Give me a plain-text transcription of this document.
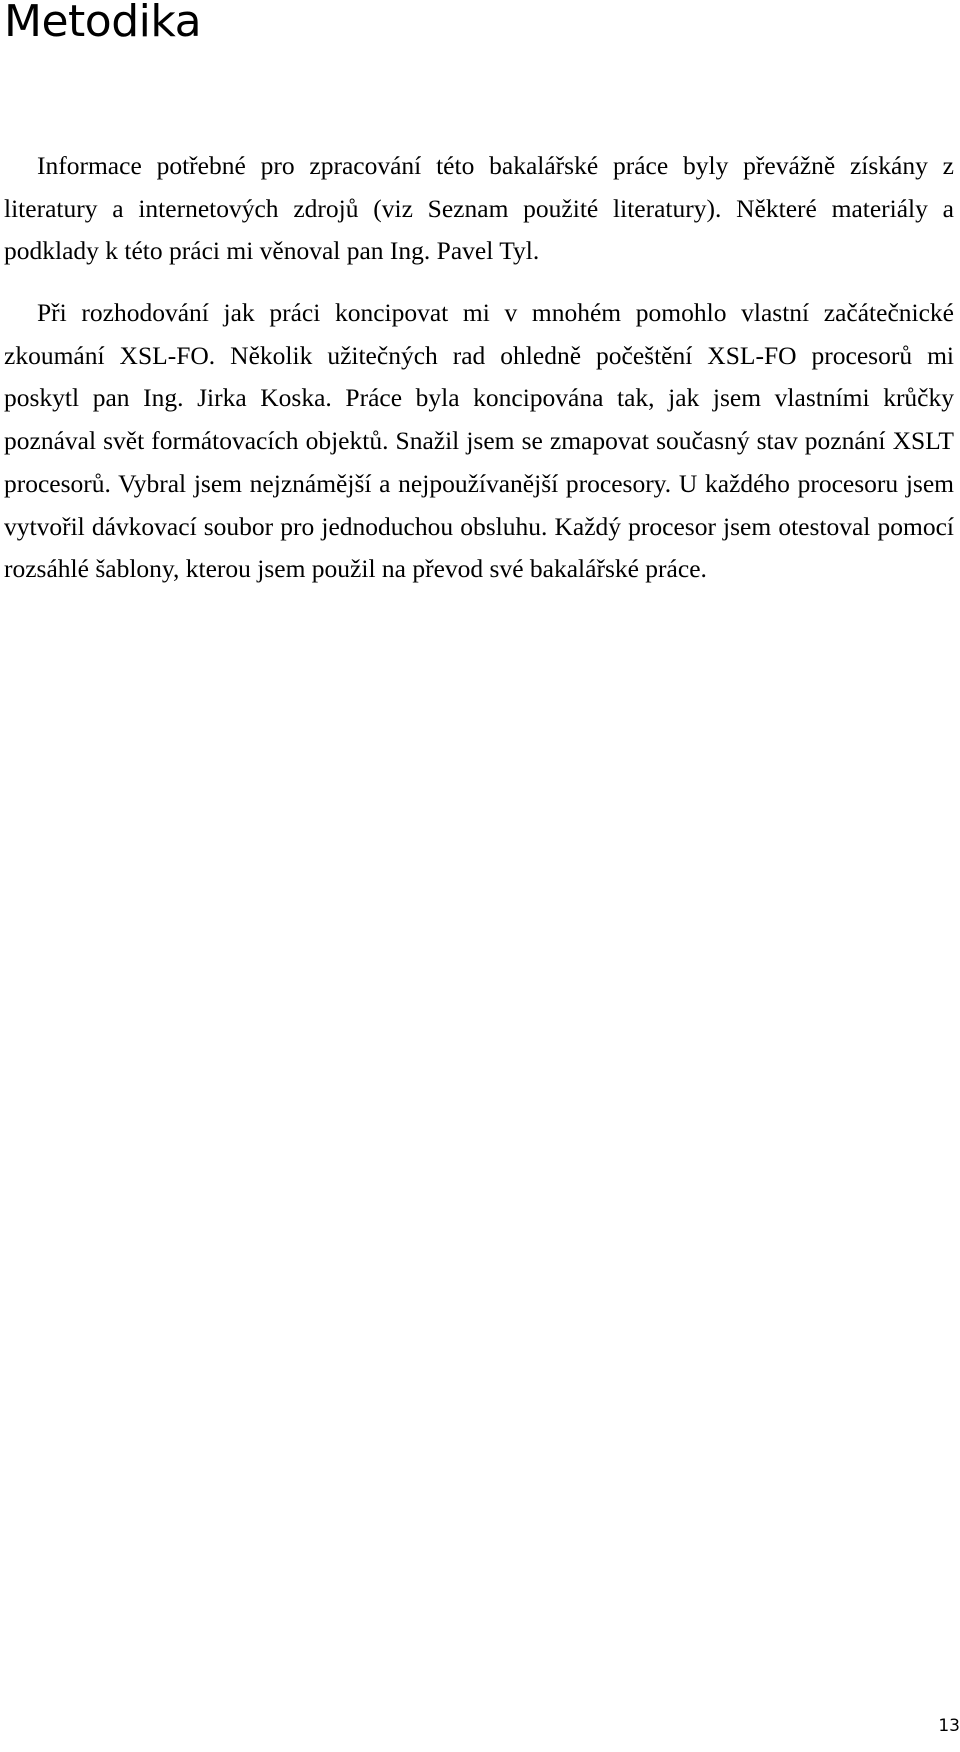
Metodika

Informace potřebné pro zpracování této bakalářské práce byly převážně získány z literatury a internetových zdrojů (viz Seznam použité literatury). Některé materiály a podklady k této práci mi věnoval pan Ing. Pavel Tyl.

Při rozhodování jak práci koncipovat mi v mnohém pomohlo vlastní začátečnické zkoumání XSL-FO. Několik užitečných rad ohledně počeštění XSL-FO procesorů mi poskytl pan Ing. Jirka Koska. Práce byla koncipována tak, jak jsem vlastními krůčky poznával svět formátovacích objektů. Snažil jsem se zmapovat současný stav poznání XSLT procesorů. Vybral jsem nejznámější a nejpoužívanější procesory. U každého procesoru jsem vytvořil dávkovací soubor pro jednoduchou obsluhu. Každý procesor jsem otestoval pomocí rozsáhlé šablony, kterou jsem použil na převod své bakalářské práce.

13
